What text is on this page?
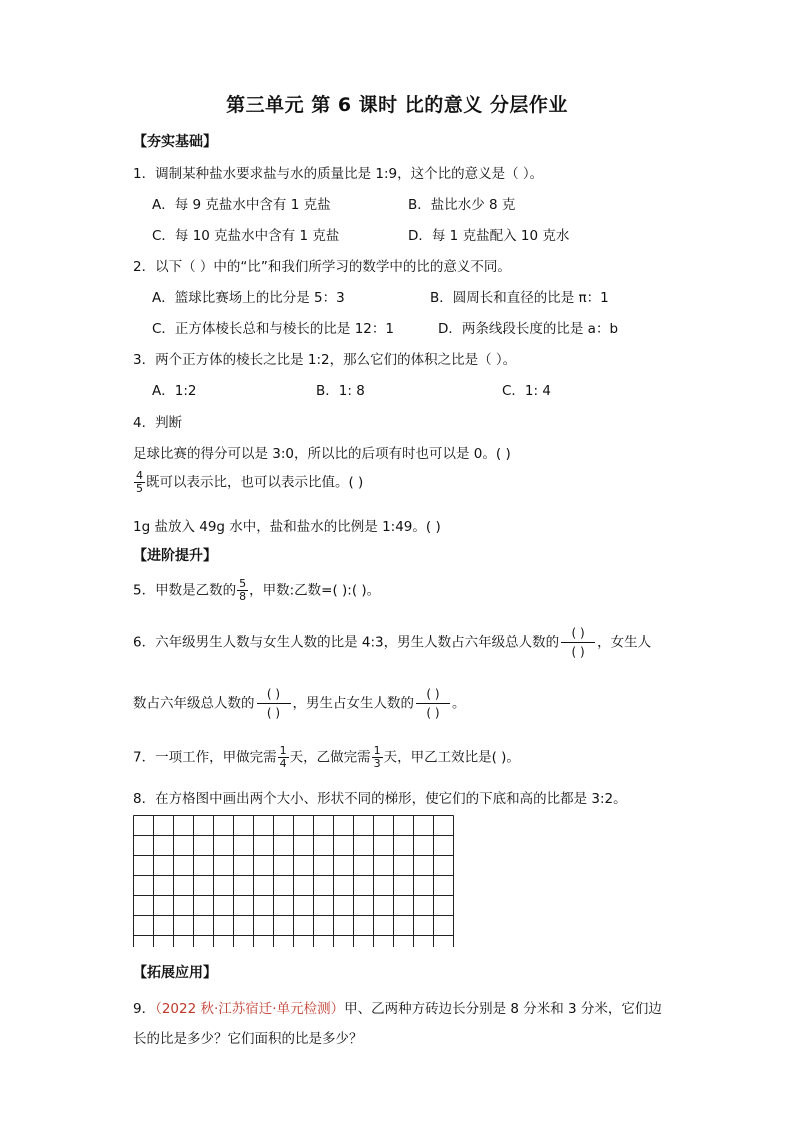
第三单元 第 6 课时 比的意义 分层作业
【夯实基础】
1．调制某种盐水要求盐与水的质量比是 1:9，这个比的意义是（ ）。
A．每 9 克盐水中含有 1 克盐	B．盐比水少 8 克
C．每 10 克盐水中含有 1 克盐	D．每 1 克盐配入 10 克水
2．以下（ ）中的“比”和我们所学习的数学中的比的意义不同。
A．篮球比赛场上的比分是 5：3	B．圆周长和直径的比是 π：1
C．正方体棱长总和与棱长的比是 12：1	D．两条线段长度的比是 a：b
3．两个正方体的棱长之比是 1:2，那么它们的体积之比是（ ）。
A．1:2	B．1: 8	C．1: 4
4．判断
足球比赛的得分可以是 3:0，所以比的后项有时也可以是 0。( )
$\frac{4}{5}$ 既可以表示比，也可以表示比值。( )
1g 盐放入 49g 水中，盐和盐水的比例是 1:49。( )
【进阶提升】
5．甲数是乙数的 $\frac{5}{8}$ ，甲数:乙数=( ):( )。
6．六年级男生人数与女生人数的比是 4:3，男生人数占六年级总人数的
( )
( )
，女生人
数占六年级总人数的
( )
( )
，男生占女生人数的
( )
( )
。
7．一项工作，甲做完需 $\frac{1}{4}$ 天，乙做完需 $\frac{1}{3}$ 天，甲乙工效比是( )。
8．在方格图中画出两个大小、形状不同的梯形，使它们的下底和高的比都是 3:2。
【拓展应用】
9．（2022 秋·江苏宿迁·单元检测）甲、乙两种方砖边长分别是 8 分米和 3 分米，它们边
长的比是多少？它们面积的比是多少？
